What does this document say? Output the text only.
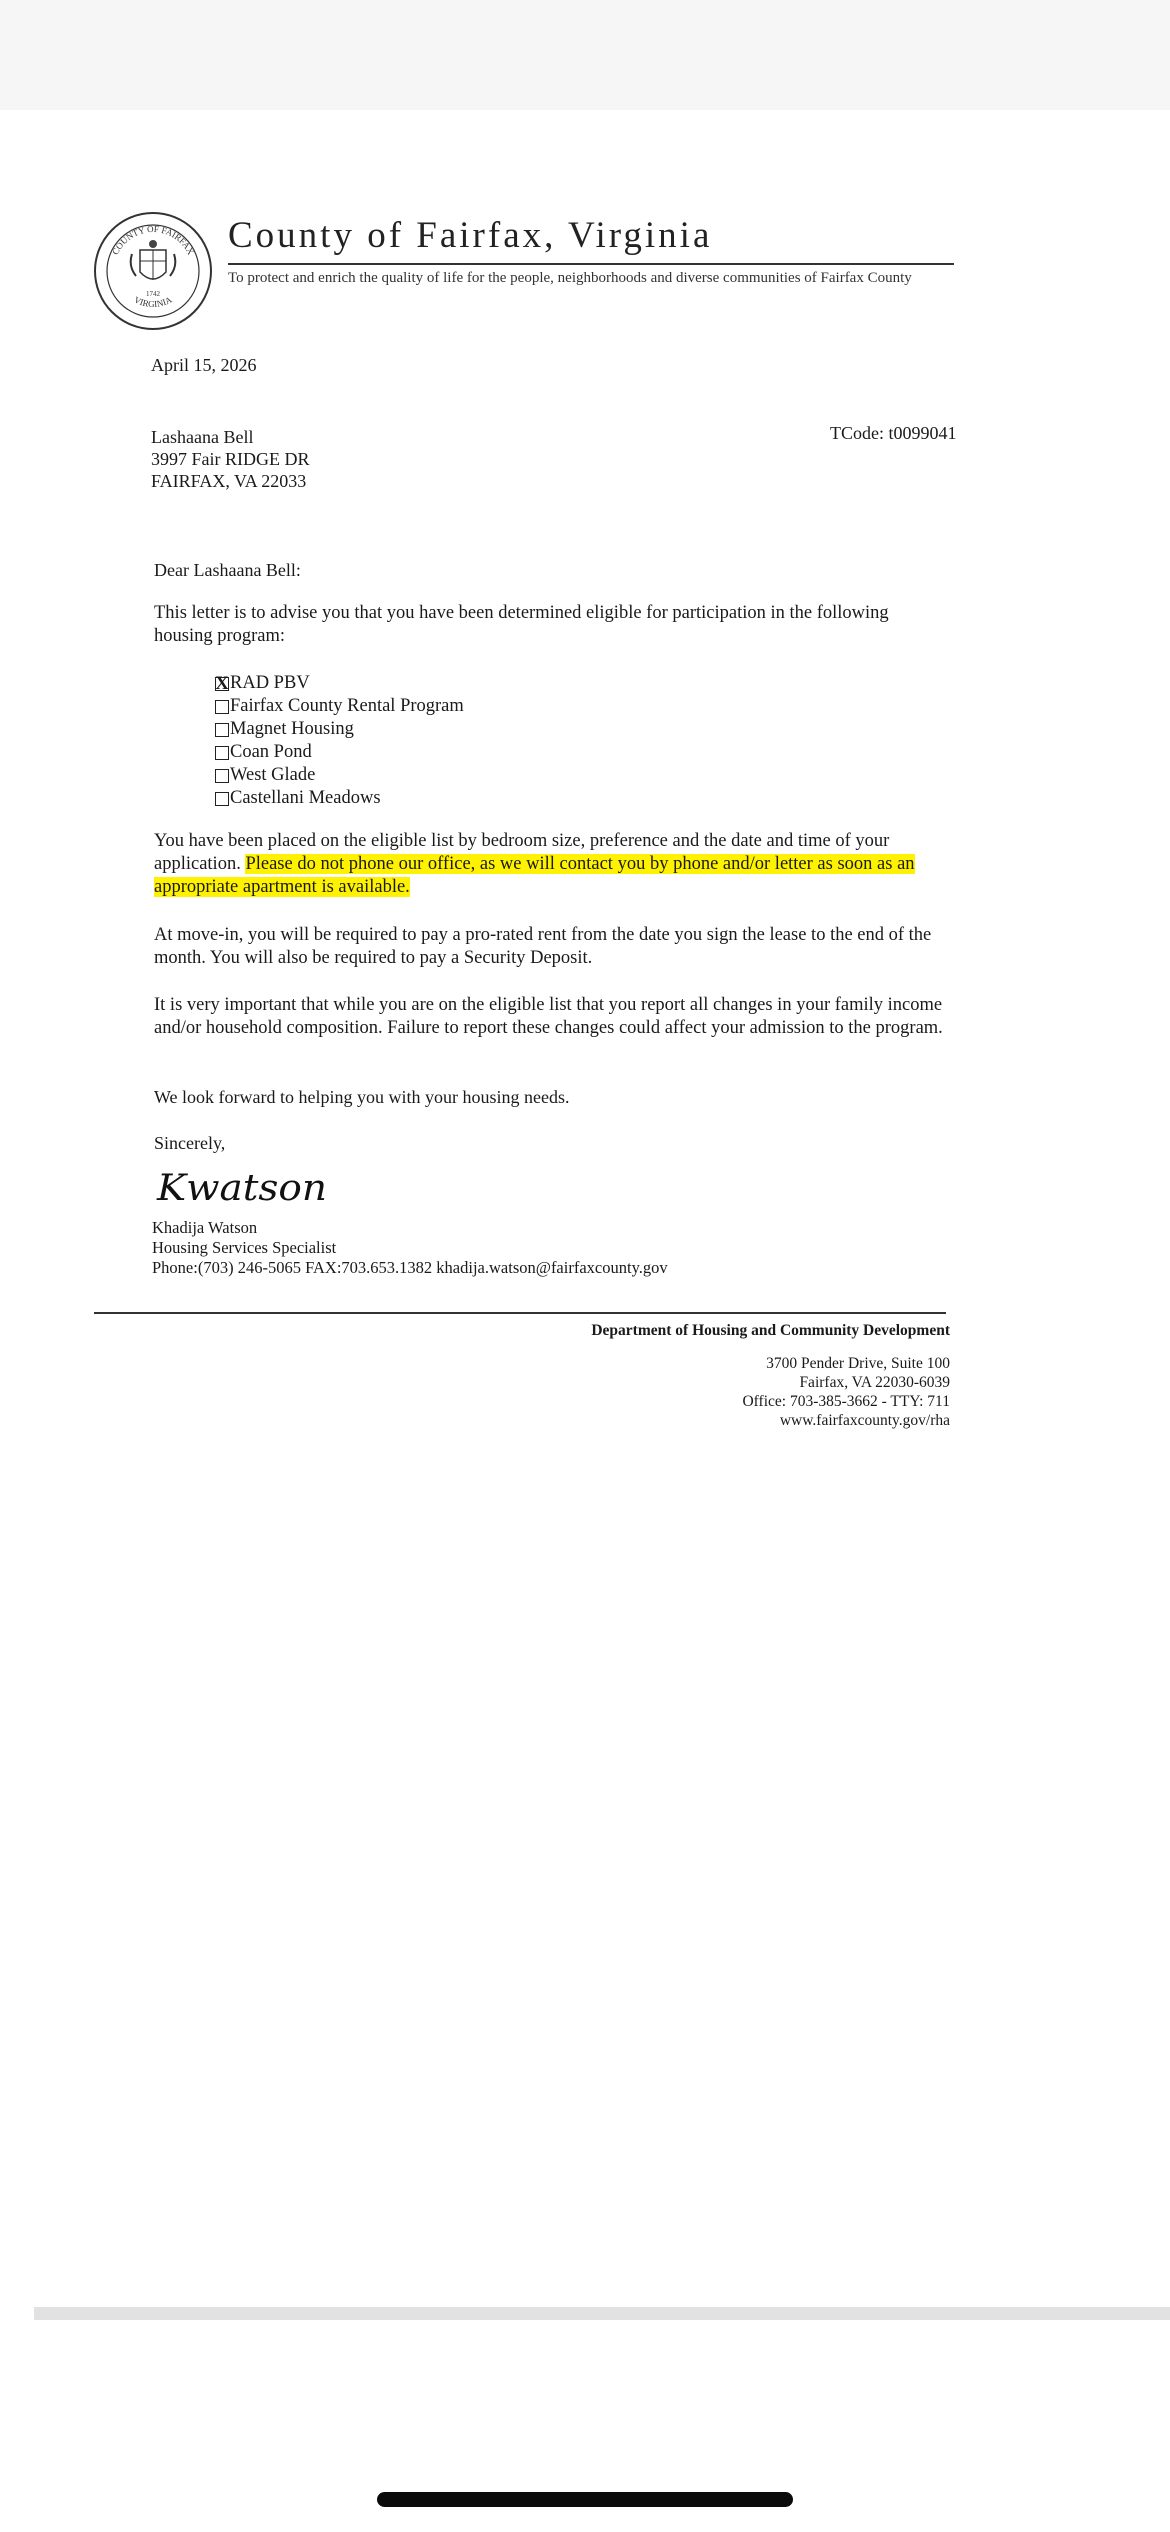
COUNTY OF FAIRFAX
VIRGINIA
1742
County of Fairfax, Virginia
To protect and enrich the quality of life for the people, neighborhoods and diverse communities of Fairfax County
April 15, 2026
TCode: t0099041
Lashaana Bell
3997 Fair RIDGE DR
FAIRFAX, VA 22033
Dear Lashaana Bell:
This letter is to advise you that you have been determined eligible for participation in the following housing program:
X RAD PBV
Fairfax County Rental Program
Magnet Housing
Coan Pond
West Glade
Castellani Meadows
You have been placed on the eligible list by bedroom size, preference and the date and time of your application. Please do not phone our office, as we will contact you by phone and/or letter as soon as an appropriate apartment is available.
At move-in, you will be required to pay a pro-rated rent from the date you sign the lease to the end of the month. You will also be required to pay a Security Deposit.
It is very important that while you are on the eligible list that you report all changes in your family income and/or household composition. Failure to report these changes could affect your admission to the program.
We look forward to helping you with your housing needs.
Sincerely,
Kwatson
Khadija Watson
Housing Services Specialist
Phone:(703) 246-5065 FAX:703.653.1382 khadija.watson@fairfaxcounty.gov
Department of Housing and Community Development
3700 Pender Drive, Suite 100
Fairfax, VA 22030-6039
Office: 703-385-3662 - TTY: 711
www.fairfaxcounty.gov/rha
